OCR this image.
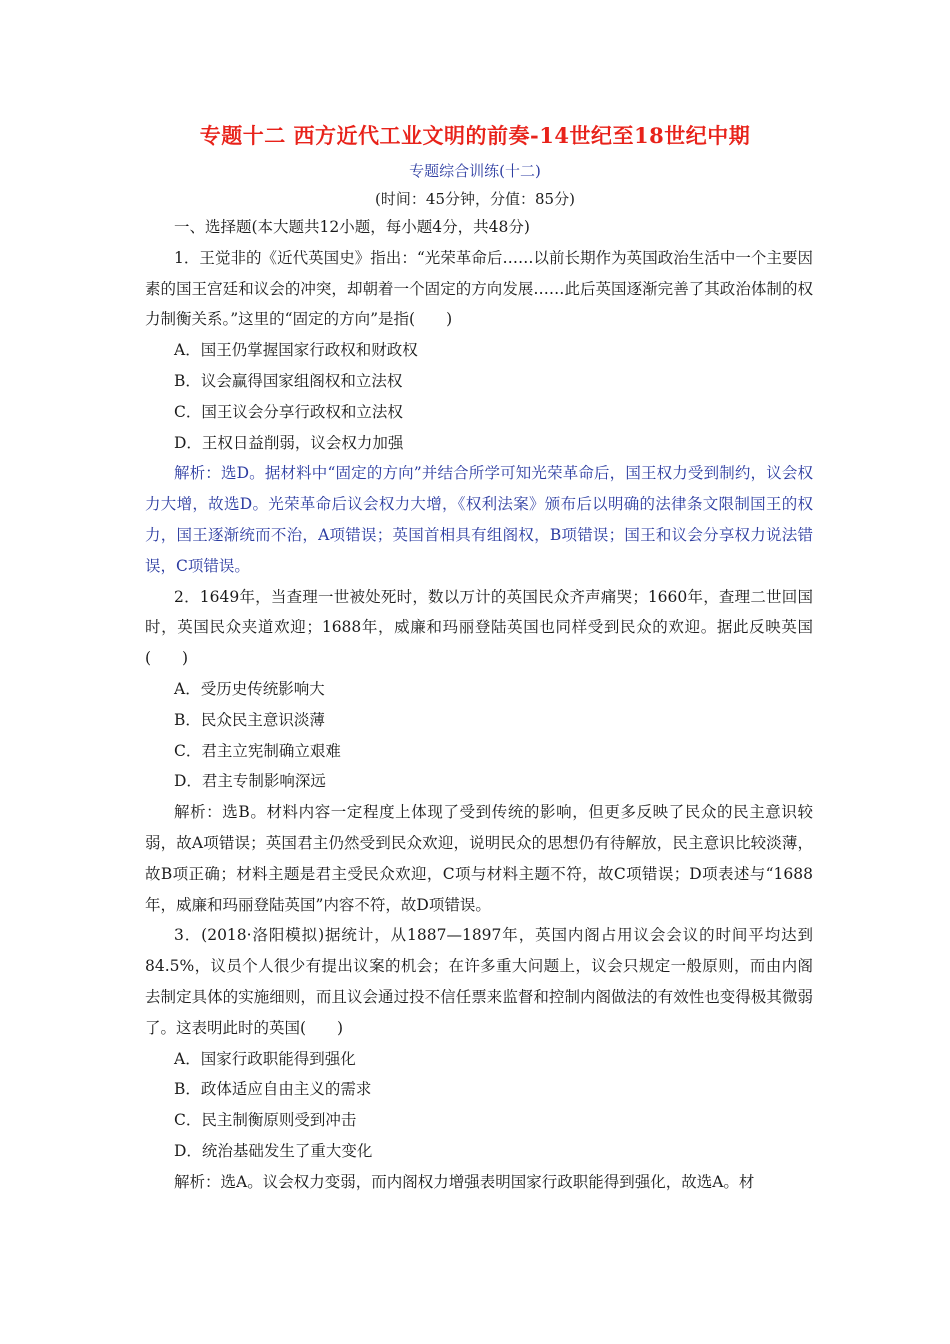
专题十二 西方近代工业文明的前奏-14世纪至18世纪中期
专题综合训练(十二)
(时间：45分钟，分值：85分)

一、选择题(本大题共12小题，每小题4分，共48分)

1．王觉非的《近代英国史》指出：“光荣革命后……以前长期作为英国政治生活中一个主要因素的国王宫廷和议会的冲突，却朝着一个固定的方向发展……此后英国逐渐完善了其政治体制的权力制衡关系。”这里的“固定的方向”是指(　　)

A．国王仍掌握国家行政权和财政权

B．议会赢得国家组阁权和立法权

C．国王议会分享行政权和立法权

D．王权日益削弱，议会权力加强

解析：选D。据材料中“固定的方向”并结合所学可知光荣革命后，国王权力受到制约，议会权力大增，故选D。光荣革命后议会权力大增，《权利法案》颁布后以明确的法律条文限制国王的权力，国王逐渐统而不治，A项错误；英国首相具有组阁权，B项错误；国王和议会分享权力说法错误，C项错误。

2．1649年，当查理一世被处死时，数以万计的英国民众齐声痛哭；1660年，查理二世回国时，英国民众夹道欢迎；1688年，威廉和玛丽登陆英国也同样受到民众的欢迎。据此反映英国(　　)

A．受历史传统影响大

B．民众民主意识淡薄

C．君主立宪制确立艰难

D．君主专制影响深远

解析：选B。材料内容一定程度上体现了受到传统的影响，但更多反映了民众的民主意识较弱，故A项错误；英国君主仍然受到民众欢迎，说明民众的思想仍有待解放，民主意识比较淡薄，故B项正确；材料主题是君主受民众欢迎，C项与材料主题不符，故C项错误；D项表述与“1688年，威廉和玛丽登陆英国”内容不符，故D项错误。

3．(2018·洛阳模拟)据统计，从1887—1897年，英国内阁占用议会会议的时间平均达到84.5%，议员个人很少有提出议案的机会；在许多重大问题上，议会只规定一般原则，而由内阁去制定具体的实施细则，而且议会通过投不信任票来监督和控制内阁做法的有效性也变得极其微弱了。这表明此时的英国(　　)

A．国家行政职能得到强化

B．政体适应自由主义的需求

C．民主制衡原则受到冲击

D．统治基础发生了重大变化

解析：选A。议会权力变弱，而内阁权力增强表明国家行政职能得到强化，故选A。材
